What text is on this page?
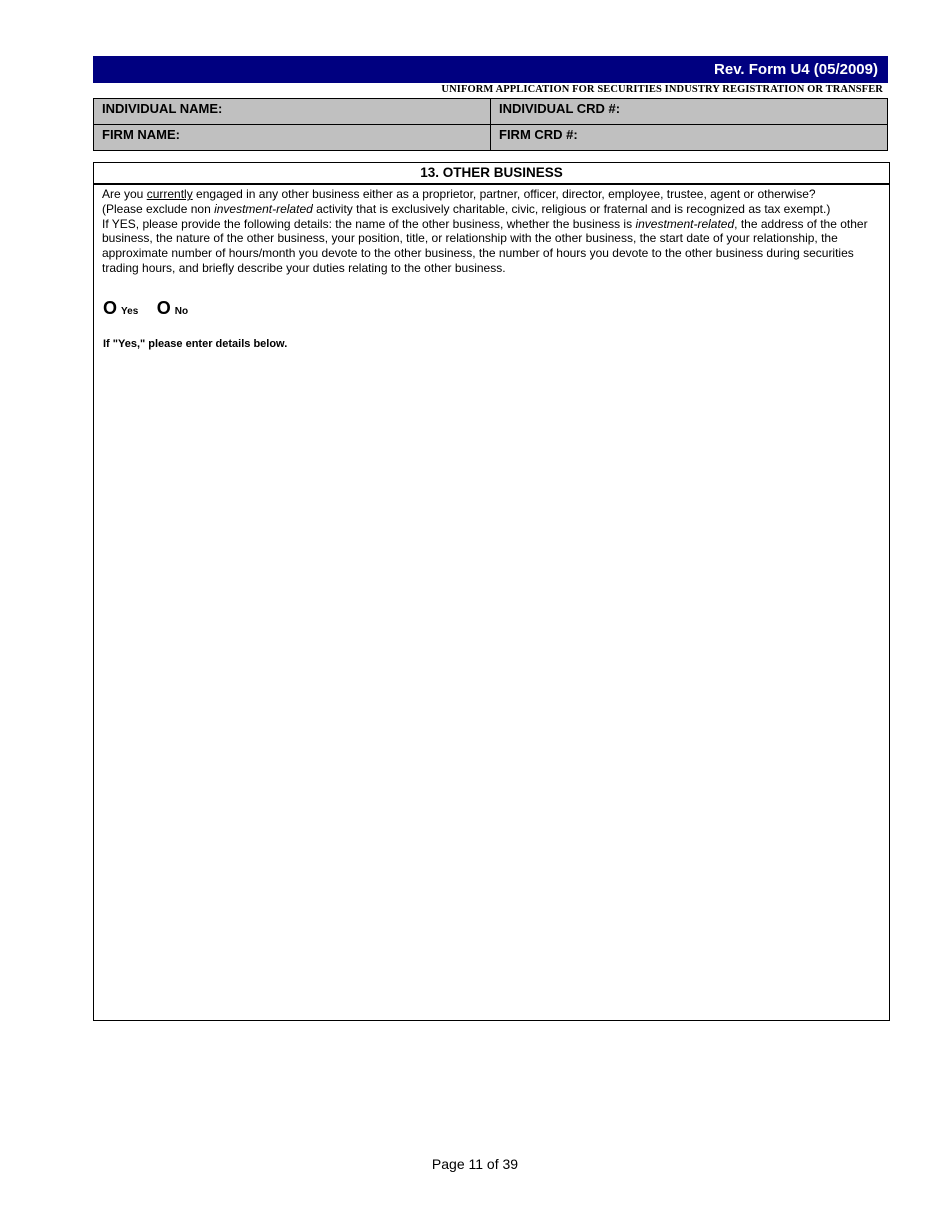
Rev. Form U4 (05/2009)
UNIFORM APPLICATION FOR SECURITIES INDUSTRY REGISTRATION OR TRANSFER
INDIVIDUAL NAME:	INDIVIDUAL CRD #:
FIRM NAME:	FIRM CRD #:
13. OTHER BUSINESS

Are you currently engaged in any other business either as a proprietor, partner, officer, director, employee, trustee, agent or otherwise?

(Please exclude non investment-related activity that is exclusively charitable, civic, religious or fraternal and is recognized as tax exempt.)

If YES, please provide the following details: the name of the other business, whether the business is investment-related, the address of the other business, the nature of the other business, your position, title, or relationship with the other business, the start date of your relationship, the approximate number of hours/month you devote to the other business, the number of hours you devote to the other business during securities trading hours, and briefly describe your duties relating to the other business.

O Yes O No
If "Yes," please enter details below.
Page 11 of 39
